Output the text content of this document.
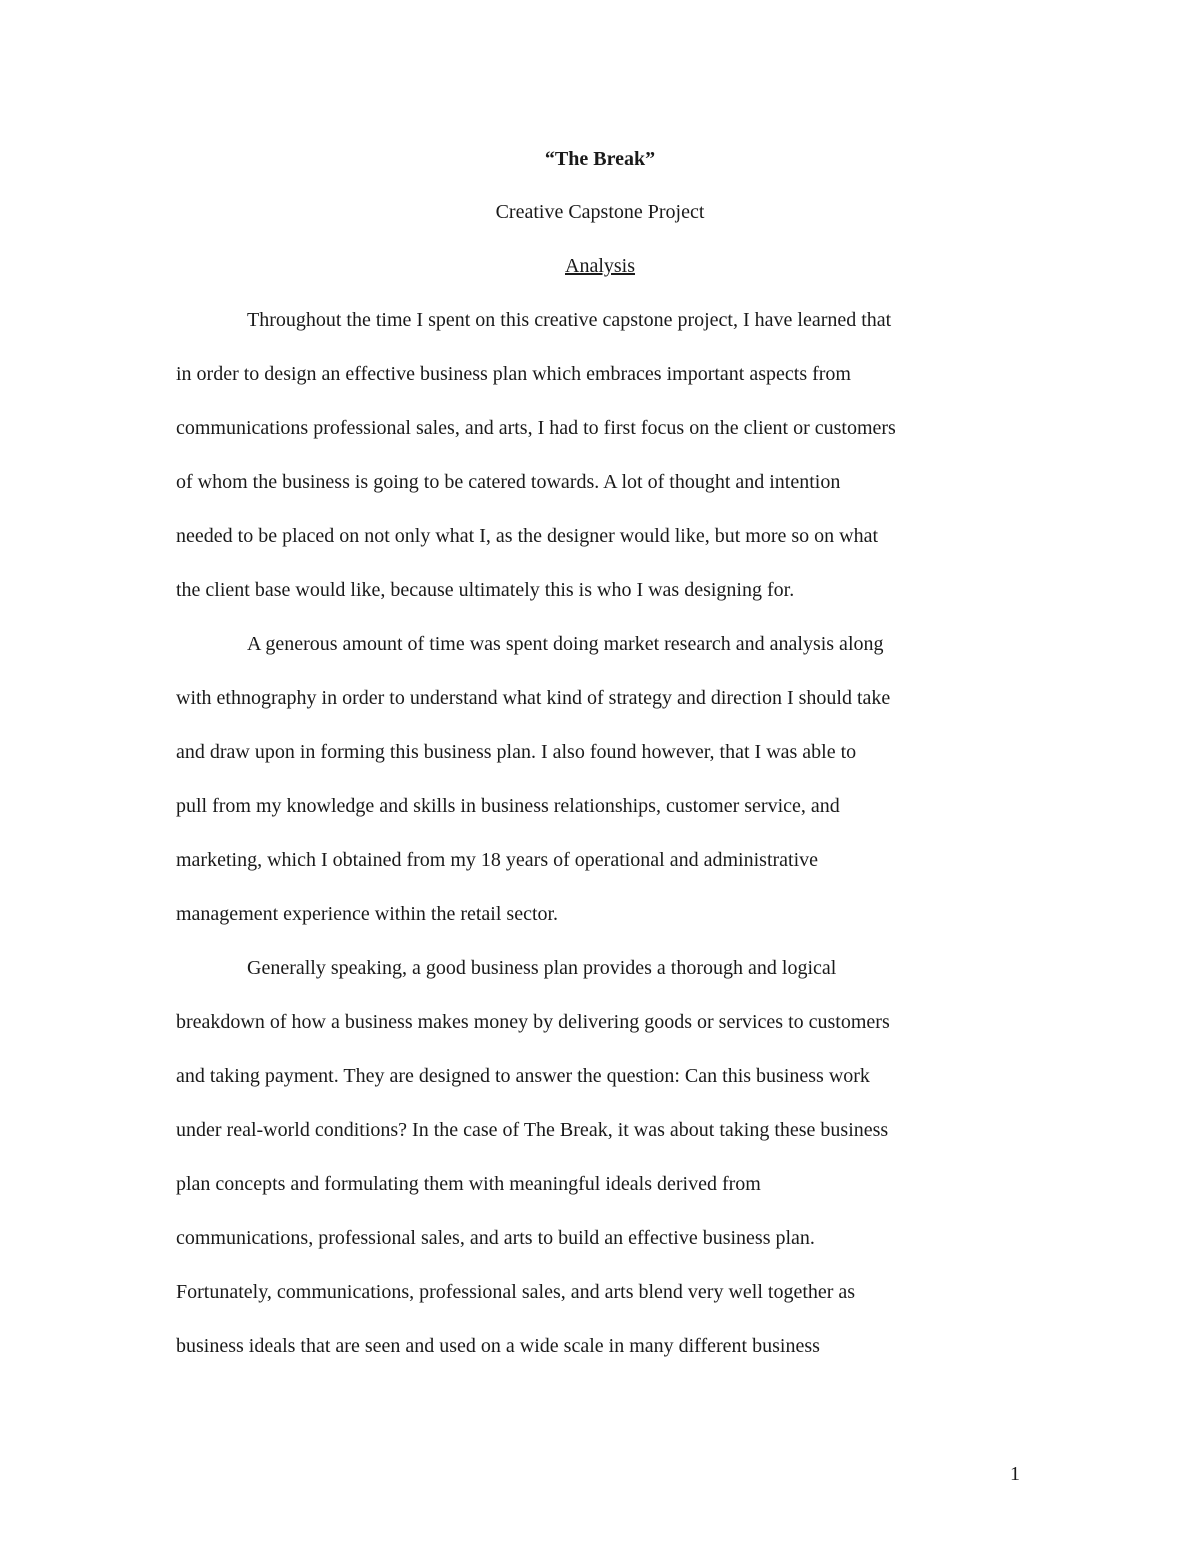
“The Break”
Creative Capstone Project
Analysis
Throughout the time I spent on this creative capstone project, I have learned that
in order to design an effective business plan which embraces important aspects from
communications professional sales, and arts, I had to first focus on the client or customers
of whom the business is going to be catered towards. A lot of thought and intention
needed to be placed on not only what I, as the designer would like, but more so on what
the client base would like, because ultimately this is who I was designing for.
A generous amount of time was spent doing market research and analysis along
with ethnography in order to understand what kind of strategy and direction I should take
and draw upon in forming this business plan. I also found however, that I was able to
pull from my knowledge and skills in business relationships, customer service, and
marketing, which I obtained from my 18 years of operational and administrative
management experience within the retail sector.
Generally speaking, a good business plan provides a thorough and logical
breakdown of how a business makes money by delivering goods or services to customers
and taking payment. They are designed to answer the question: Can this business work
under real-world conditions? In the case of The Break, it was about taking these business
plan concepts and formulating them with meaningful ideals derived from
communications, professional sales, and arts to build an effective business plan.
Fortunately, communications, professional sales, and arts blend very well together as
business ideals that are seen and used on a wide scale in many different business
1
